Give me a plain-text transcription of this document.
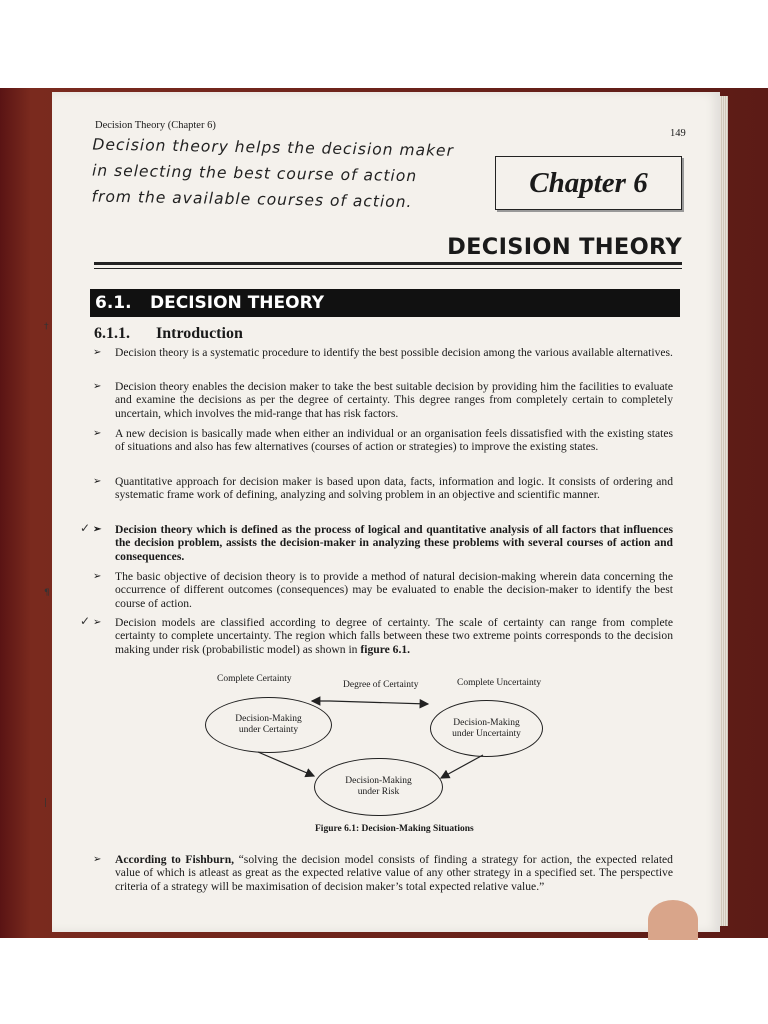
†
¶
|
Decision Theory (Chapter 6)
149
Decision theory helps the decision maker
in selecting the best course of action
from the available courses of action.
Chapter 6
DECISION THEORY
6.1. DECISION THEORY
6.1.1. Introduction
➢ Decision theory is a systematic procedure to identify the best possible decision among the various available alternatives.
➢ Decision theory enables the decision maker to take the best suitable decision by providing him the facilities to evaluate and examine the decisions as per the degree of certainty. This degree ranges from completely certain to completely uncertain, which involves the mid-range that has risk factors.
➢ A new decision is basically made when either an individual or an organisation feels dissatisfied with the existing states of situations and also has few alternatives (courses of action or strategies) to improve the existing states.
➢ Quantitative approach for decision maker is based upon data, facts, information and logic. It consists of ordering and systematic frame work of defining, analyzing and solving problem in an objective and scientific manner.
✓ ➢ Decision theory which is defined as the process of logical and quantitative analysis of all factors that influences the decision problem, assists the decision-maker in analyzing these problems with several courses of action and consequences.
➢ The basic objective of decision theory is to provide a method of natural decision-making wherein data concerning the occurrence of different outcomes (consequences) may be evaluated to enable the decision-maker to identify the best course of action.
✓ ➢ Decision models are classified according to degree of certainty. The scale of certainty can range from complete certainty to complete uncertainty. The region which falls between these two extreme points corresponds to the decision making under risk (probabilistic model) as shown in figure 6.1.
Complete Certainty
Degree of Certainty	Complete Uncertainty
Decision-Making under Certainty
Decision-Making under Uncertainty
Decision-Making under Risk
Figure 6.1: Decision-Making Situations
➢ According to Fishburn, “solving the decision model consists of finding a strategy for action, the expected related value of which is atleast as great as the expected relative value of any other strategy in a specified set. The perspective criteria of a strategy will be maximisation of decision maker’s total expected relative value.”
